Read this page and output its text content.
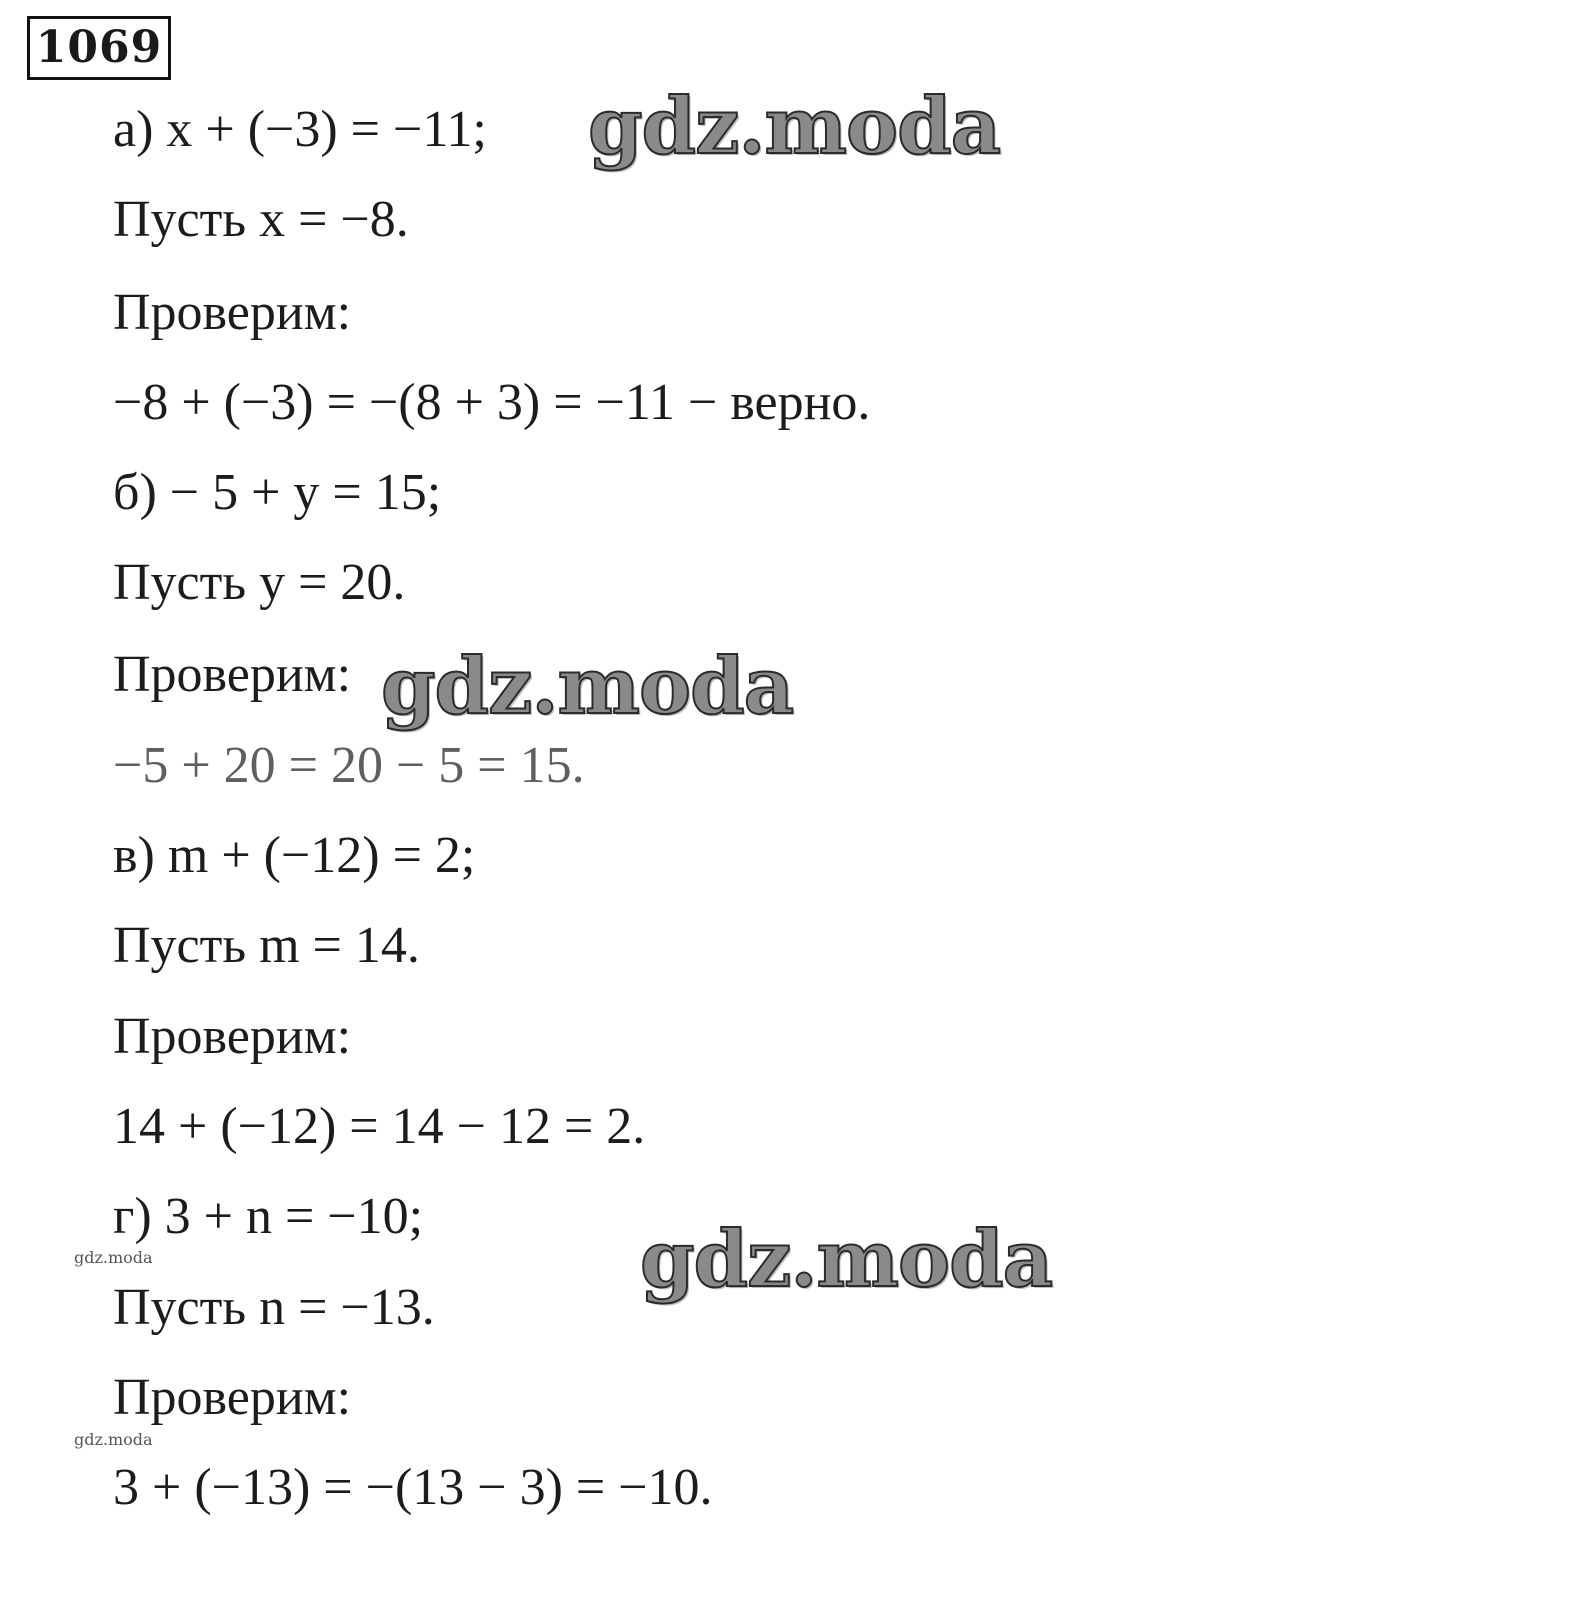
1069
а) x + (−3) = −11;
Пусть x = −8.
Проверим:
−8 + (−3) = −(8 + 3) = −11 − верно.
б) − 5 + y = 15;
Пусть y = 20.
Проверим:
−5 + 20 = 20 − 5 = 15.
в) m + (−12) = 2;
Пусть m = 14.
Проверим:
14 + (−12) = 14 − 12 = 2.
г) 3 + n = −10;
Пусть n = −13.
Проверим:
3 + (−13) = −(13 − 3) = −10.
gdz.moda
gdz.moda
gdz.moda
gdz.moda
gdz.moda
